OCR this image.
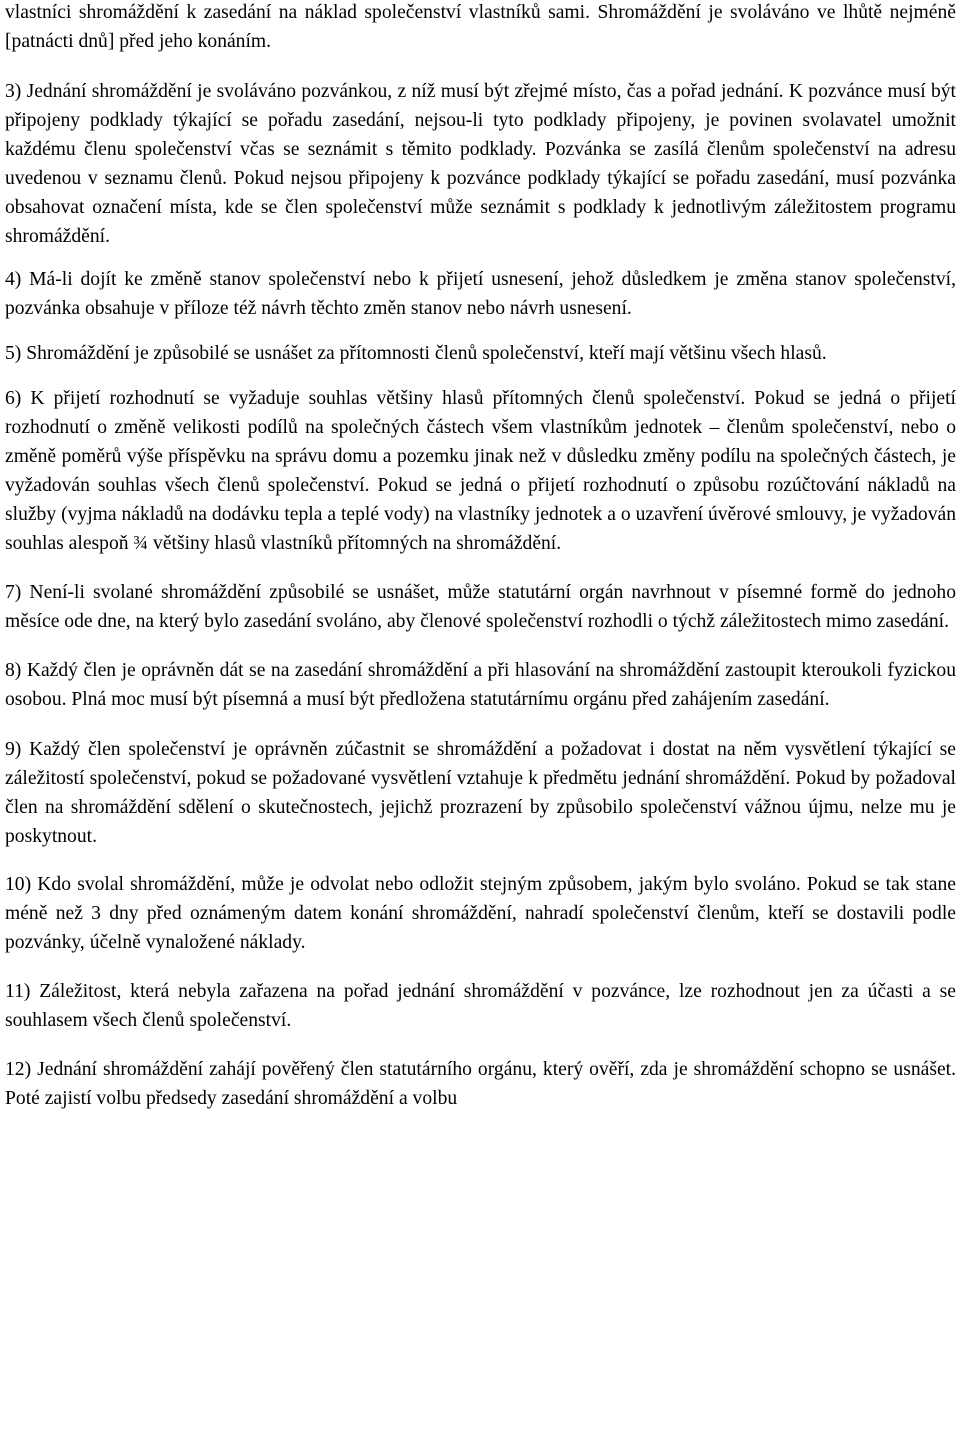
vlastníci shromáždění k zasedání na náklad společenství vlastníků sami. Shromáždění je svoláváno ve lhůtě nejméně [patnácti dnů] před jeho konáním.

3) Jednání shromáždění je svoláváno pozvánkou, z níž musí být zřejmé místo, čas a pořad jednání. K pozvánce musí být připojeny podklady týkající se pořadu zasedání, nejsou-li tyto podklady připojeny, je povinen svolavatel umožnit každému členu společenství včas se seznámit s těmito podklady. Pozvánka se zasílá členům společenství na adresu uvedenou v seznamu členů. Pokud nejsou připojeny k pozvánce podklady týkající se pořadu zasedání, musí pozvánka obsahovat označení místa, kde se člen společenství může seznámit s podklady k jednotlivým záležitostem programu shromáždění.

4) Má-li dojít ke změně stanov společenství nebo k přijetí usnesení, jehož důsledkem je změna stanov společenství, pozvánka obsahuje v příloze též návrh těchto změn stanov nebo návrh usnesení.

5) Shromáždění je způsobilé se usnášet za přítomnosti členů společenství, kteří mají většinu všech hlasů.

6) K přijetí rozhodnutí se vyžaduje souhlas většiny hlasů přítomných členů společenství. Pokud se jedná o přijetí rozhodnutí o změně velikosti podílů na společných částech všem vlastníkům jednotek – členům společenství, nebo o změně poměrů výše příspěvku na správu domu a pozemku jinak než v důsledku změny podílu na společných částech, je vyžadován souhlas všech členů společenství. Pokud se jedná o přijetí rozhodnutí o způsobu rozúčtování nákladů na služby (vyjma nákladů na dodávku tepla a teplé vody) na vlastníky jednotek a o uzavření úvěrové smlouvy, je vyžadován souhlas alespoň ¾ většiny hlasů vlastníků přítomných na shromáždění.

7) Není-li svolané shromáždění způsobilé se usnášet, může statutární orgán navrhnout v písemné formě do jednoho měsíce ode dne, na který bylo zasedání svoláno, aby členové společenství rozhodli o týchž záležitostech mimo zasedání.

8) Každý člen je oprávněn dát se na zasedání shromáždění a při hlasování na shromáždění zastoupit kteroukoli fyzickou osobou. Plná moc musí být písemná a musí být předložena statutárnímu orgánu před zahájením zasedání.

9) Každý člen společenství je oprávněn zúčastnit se shromáždění a požadovat i dostat na něm vysvětlení týkající se záležitostí společenství, pokud se požadované vysvětlení vztahuje k předmětu jednání shromáždění. Pokud by požadoval člen na shromáždění sdělení o skutečnostech, jejichž prozrazení by způsobilo společenství vážnou újmu, nelze mu je poskytnout.

10) Kdo svolal shromáždění, může je odvolat nebo odložit stejným způsobem, jakým bylo svoláno. Pokud se tak stane méně než 3 dny před oznámeným datem konání shromáždění, nahradí společenství členům, kteří se dostavili podle pozvánky, účelně vynaložené náklady.

11) Záležitost, která nebyla zařazena na pořad jednání shromáždění v pozvánce, lze rozhodnout jen za účasti a se souhlasem všech členů společenství.

12) Jednání shromáždění zahájí pověřený člen statutárního orgánu, který ověří, zda je shromáždění schopno se usnášet. Poté zajistí volbu předsedy zasedání shromáždění a volbu
